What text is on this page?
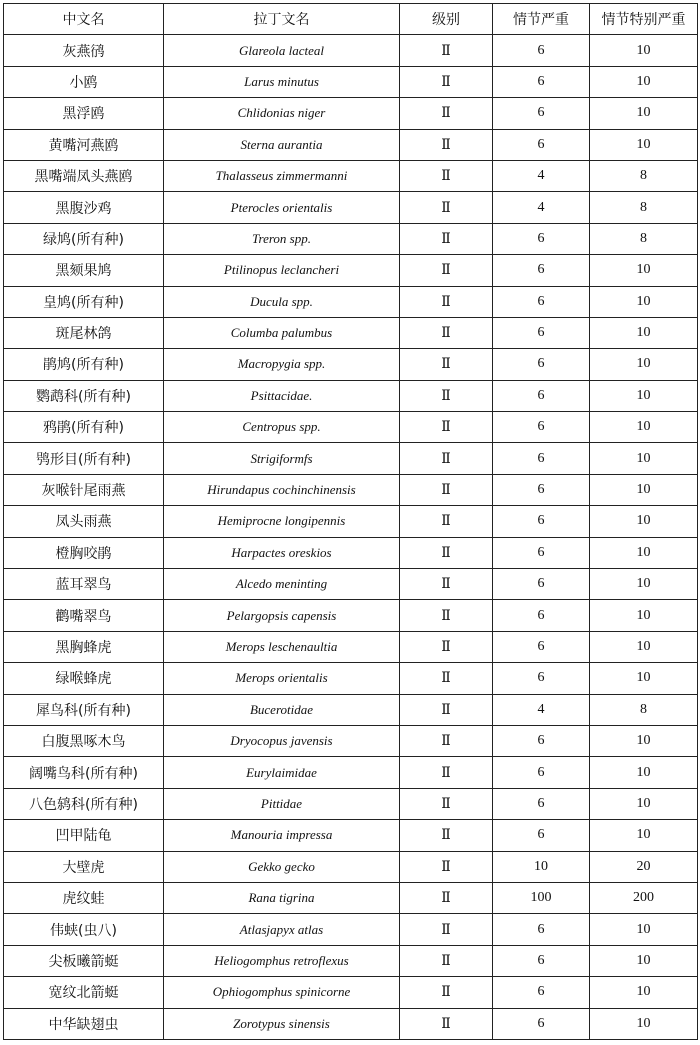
中文名	拉丁文名	级别	情节严重	情节特别严重
灰燕鸻	Glareola lacteal	Ⅱ	6	10
小鸥	Larus minutus	Ⅱ	6	10
黑浮鸥	Chlidonias niger	Ⅱ	6	10
黄嘴河燕鸥	Sterna aurantia	Ⅱ	6	10
黑嘴端凤头燕鸥	Thalasseus zimmermanni	Ⅱ	4	8
黑腹沙鸡	Pterocles orientalis	Ⅱ	4	8
绿鸠(所有种)	Treron spp.	Ⅱ	6	8
黑颏果鸠	Ptilinopus leclancheri	Ⅱ	6	10
皇鸠(所有种)	Ducula spp.	Ⅱ	6	10
斑尾林鸽	Columba palumbus	Ⅱ	6	10
鹃鸠(所有种)	Macropygia spp.	Ⅱ	6	10
鹦鹉科(所有种)	Psittacidae.	Ⅱ	6	10
鸦鹃(所有种)	Centropus spp.	Ⅱ	6	10
鸮形目(所有种)	Strigiformfs	Ⅱ	6	10
灰喉针尾雨燕	Hirundapus cochinchinensis	Ⅱ	6	10
凤头雨燕	Hemiprocne longipennis	Ⅱ	6	10
橙胸咬鹃	Harpactes oreskios	Ⅱ	6	10
蓝耳翠鸟	Alcedo meninting	Ⅱ	6	10
鹳嘴翠鸟	Pelargopsis capensis	Ⅱ	6	10
黑胸蜂虎	Merops leschenaultia	Ⅱ	6	10
绿喉蜂虎	Merops orientalis	Ⅱ	6	10
犀鸟科(所有种)	Bucerotidae	Ⅱ	4	8
白腹黑啄木鸟	Dryocopus javensis	Ⅱ	6	10
阔嘴鸟科(所有种)	Eurylaimidae	Ⅱ	6	10
八色鸫科(所有种)	Pittidae	Ⅱ	6	10
凹甲陆龟	Manouria impressa	Ⅱ	6	10
大壁虎	Gekko gecko	Ⅱ	10	20
虎纹蛙	Rana tigrina	Ⅱ	100	200
伟蛱(虫八)	Atlasjapyx atlas	Ⅱ	6	10
尖板曦箭蜓	Heliogomphus retroflexus	Ⅱ	6	10
宽纹北箭蜓	Ophiogomphus spinicorne	Ⅱ	6	10
中华缺翅虫	Zorotypus sinensis	Ⅱ	6	10
